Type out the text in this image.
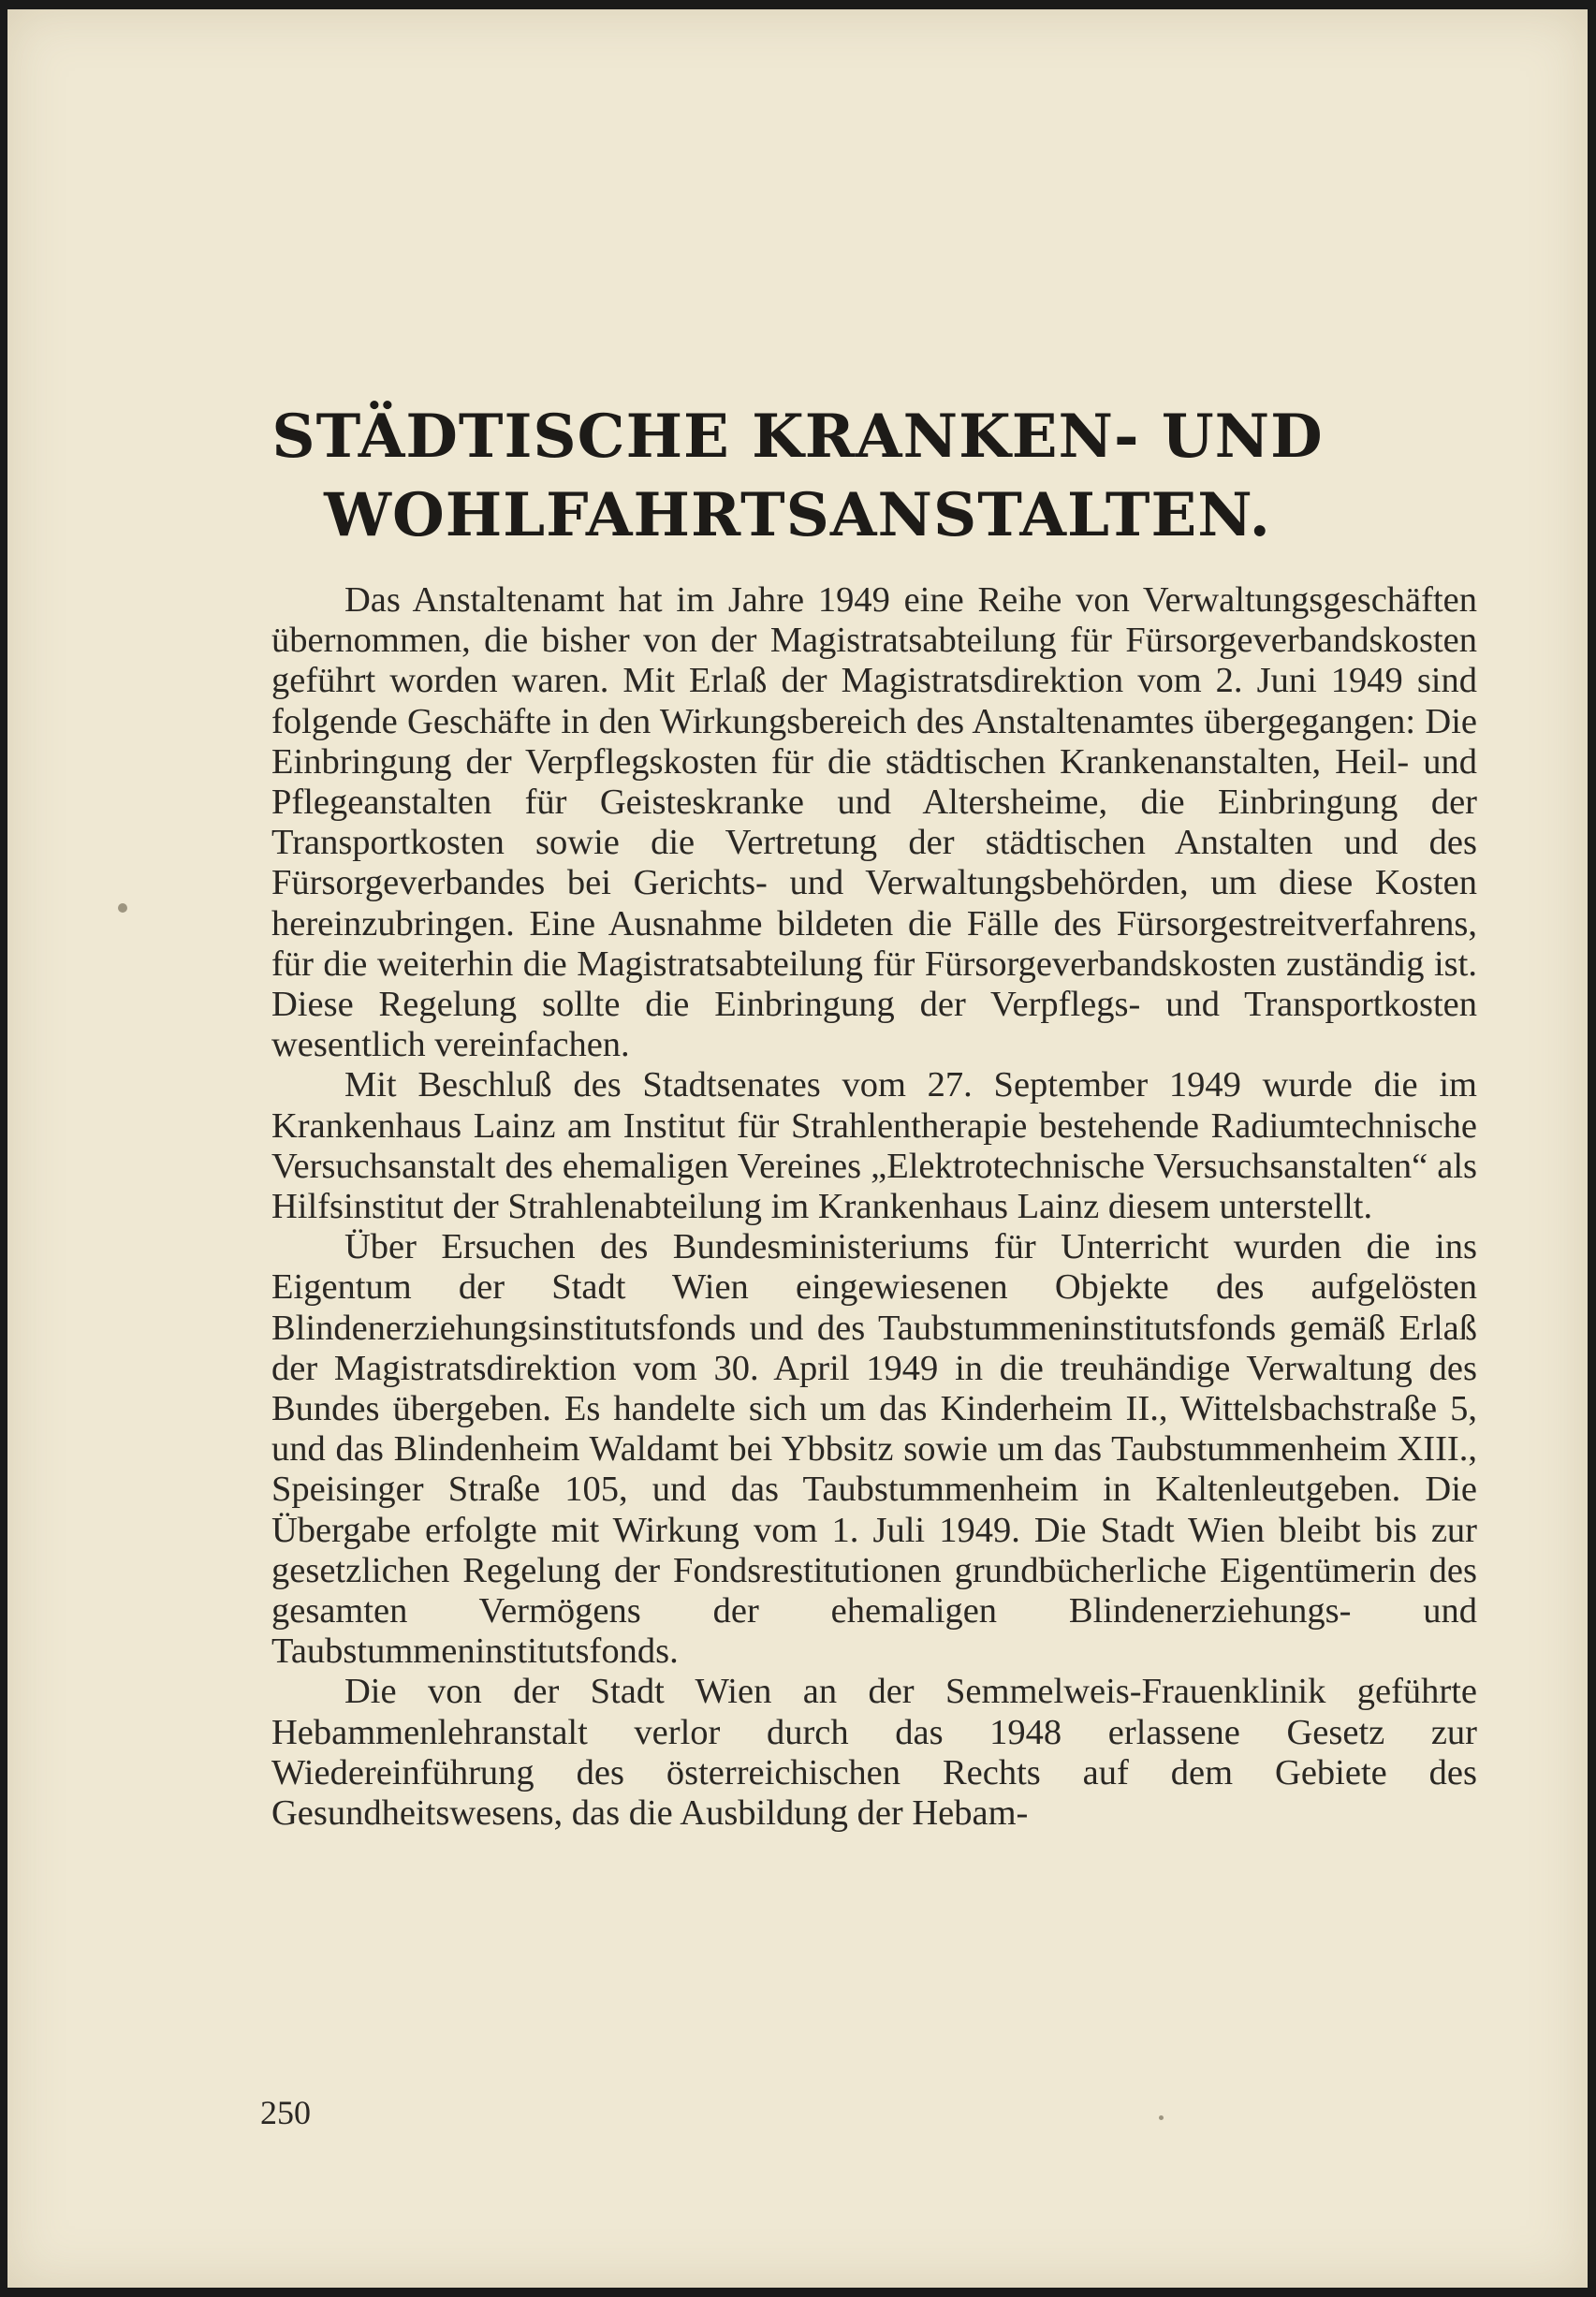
STÄDTISCHE KRANKEN- UND
WOHLFAHRTSANSTALTEN.

Das Anstaltenamt hat im Jahre 1949 eine Reihe von Verwaltungsgeschäften übernommen, die bisher von der Magistratsabteilung für Fürsorgeverbandskosten geführt worden waren. Mit Erlaß der Magistratsdirektion vom 2. Juni 1949 sind folgende Geschäfte in den Wirkungsbereich des Anstaltenamtes übergegangen: Die Einbringung der Verpflegskosten für die städtischen Krankenanstalten, Heil- und Pflegeanstalten für Geisteskranke und Altersheime, die Einbringung der Transportkosten sowie die Vertretung der städtischen Anstalten und des Fürsorgeverbandes bei Gerichts- und Verwaltungsbehörden, um diese Kosten hereinzubringen. Eine Ausnahme bildeten die Fälle des Fürsorgestreitverfahrens, für die weiterhin die Magistratsabteilung für Fürsorgeverbandskosten zuständig ist. Diese Regelung sollte die Einbringung der Verpflegs- und Transportkosten wesentlich vereinfachen.

Mit Beschluß des Stadtsenates vom 27. September 1949 wurde die im Krankenhaus Lainz am Institut für Strahlentherapie bestehende Radiumtechnische Versuchsanstalt des ehemaligen Vereines „Elektrotechnische Versuchsanstalten“ als Hilfsinstitut der Strahlenabteilung im Krankenhaus Lainz diesem unterstellt.

Über Ersuchen des Bundesministeriums für Unterricht wurden die ins Eigentum der Stadt Wien eingewiesenen Objekte des aufgelösten Blindenerziehungsinstitutsfonds und des Taubstummeninstitutsfonds gemäß Erlaß der Magistratsdirektion vom 30. April 1949 in die treuhändige Verwaltung des Bundes übergeben. Es handelte sich um das Kinderheim II., Wittelsbachstraße 5, und das Blindenheim Waldamt bei Ybbsitz sowie um das Taubstummenheim XIII., Speisinger Straße 105, und das Taubstummenheim in Kaltenleutgeben. Die Übergabe erfolgte mit Wirkung vom 1. Juli 1949. Die Stadt Wien bleibt bis zur gesetzlichen Regelung der Fondsrestitutionen grundbücherliche Eigentümerin des gesamten Vermögens der ehemaligen Blindenerziehungs- und Taubstummeninstitutsfonds.

Die von der Stadt Wien an der Semmelweis-Frauenklinik geführte Hebammenlehranstalt verlor durch das 1948 erlassene Gesetz zur Wiedereinführung des österreichischen Rechts auf dem Gebiete des Gesundheitswesens, das die Ausbildung der Hebam-

250
